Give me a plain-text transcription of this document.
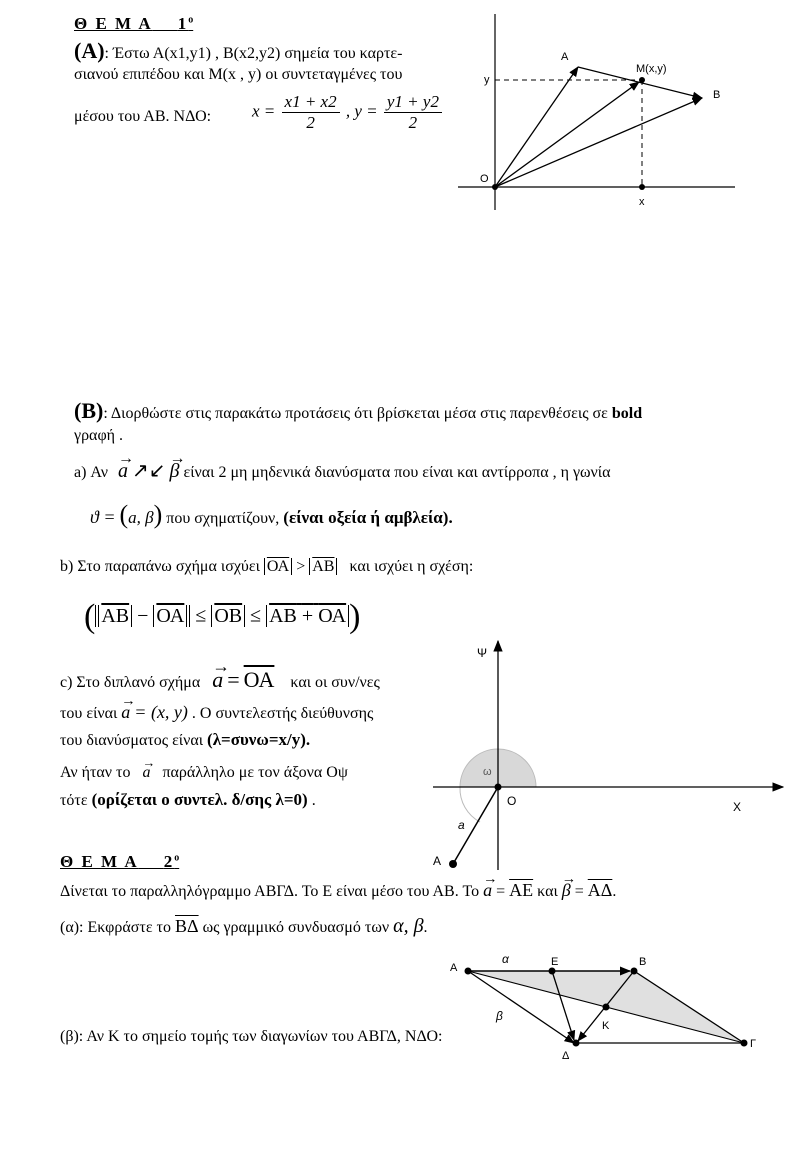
Θ Ε Μ Α $1^o$
(Α): Έστω Α(x1,y1) , Β(x2,y2) σημεία του καρτε-
σιανού επιπέδου και Μ(x , y) οι συντεταγμένες του
μέσου του ΑΒ. ΝΔΟ: $x = \frac{x1 + x2}{2}$ , $y = \frac{y1 + y2}{2}$
A
M(x,y)
B
O
y
x
(Β): Διορθώστε στις παρακάτω προτάσεις ότι βρίσκεται μέσα στις παρενθέσεις σε bold
γραφή .
a) Αν → a ↗↙ → β είναι 2 μη μηδενικά διανύσματα που είναι και αντίρροπα , η γωνία
ϑ = (a, β) που σχηματίζουν, (είναι οξεία ή αμβλεία).
b) Στο παραπάνω σχήμα ισχύει $\overline{OA} > \overline{AB}$ και ισχύει η σχέση:
( $\overline{AB} - \overline{OA} \le \overline{OB} \le AB + OA$)
c) Στο διπλανό $\sigma\chi ή\mu\alpha \to a = \overline{OA}$ και οι συν/νες
του είναι → a = (x, y) . Ο συντελεστής διεύθυνσης
του διανύσματος είναι (λ=συνω=x/y).
Αν ήταν το → a παράλληλο με τον άξονα Οψ
τότε (ορίζεται ο συντελ. δ/σης λ=0) .
Ψ
X
O
ω
A
a
Θ Ε Μ Α $2^o$
Δίνεται το παραλληλόγραμμο ΑΒΓΔ. Το Ε είναι μέσο του ΑΒ. $To \to a = \overline{AE}$ $\kappa\alpha\iota \to \beta = \overline{A\Delta}$.
(α): Εκφράστε το $\overline{B\Delta}$ ως γραμμικό συνδυασμό των α, β.
(β): Αν Κ το σημείο τομής των διαγωνίων του ΑΒΓΔ, ΝΔΟ:
A	E	B
Γ
Δ
K
α
β
